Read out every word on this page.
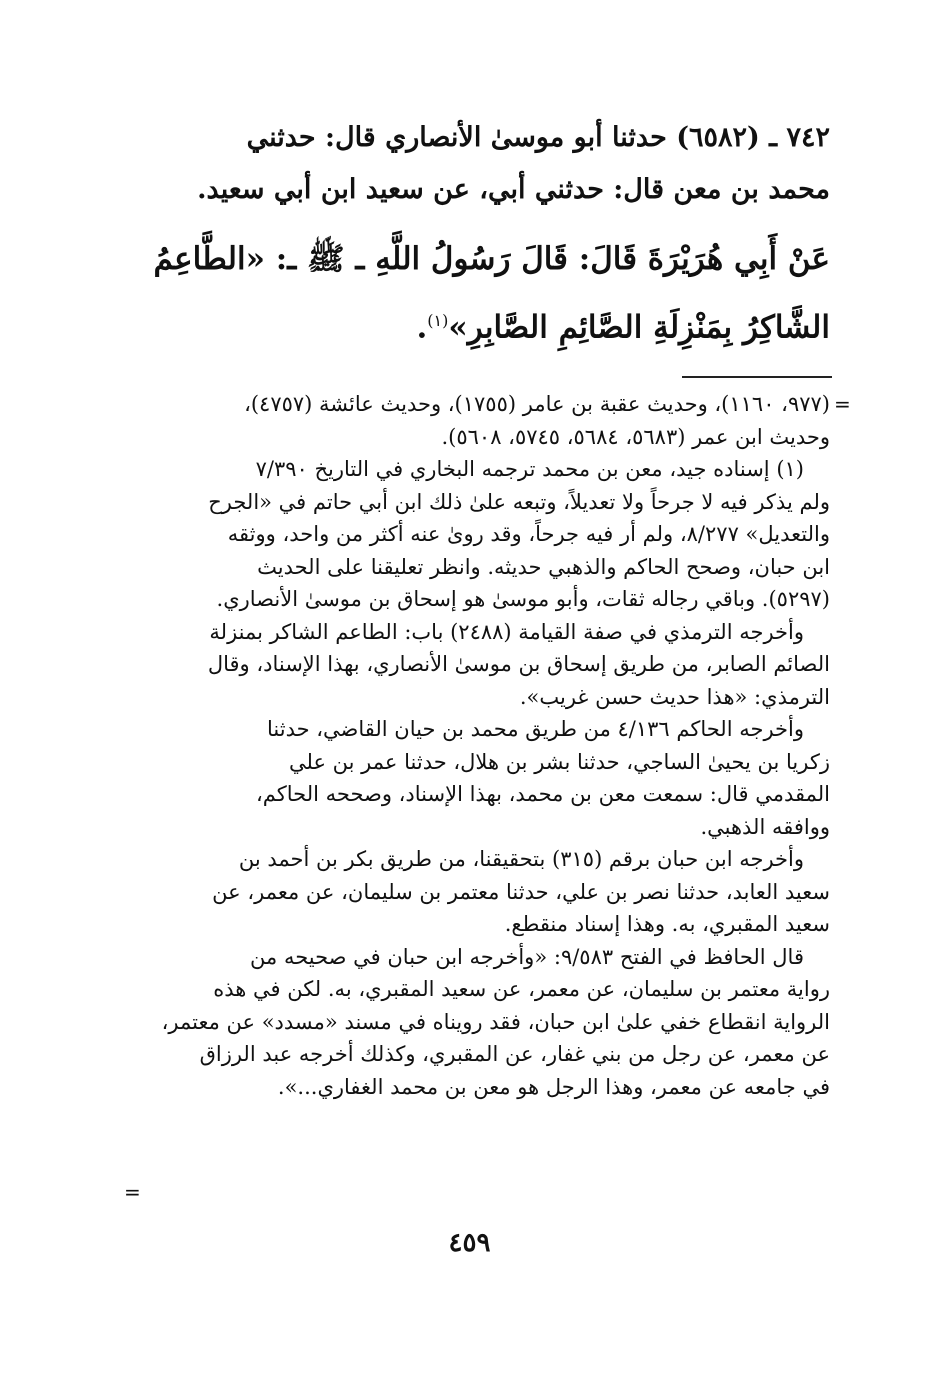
٧٤٢ ـ (٦٥٨٢) حدثنا أبو موسىٰ الأنصاري قال: حدثني

محمد بن معن قال: حدثني أبي، عن سعيد ابن أبي سعيد.

عَنْ أَبِي هُرَيْرَةَ قَالَ: قَالَ رَسُولُ اللَّهِ ـ ﷺ ـ: «الطَّاعِمُ

الشَّاكِرُ بِمَنْزِلَةِ الصَّائِمِ الصَّابِرِ»$^{(١)}$.

=

(٩٧٧، ١١٦٠)، وحديث عقبة بن عامر (١٧٥٥)، وحديث عائشة (٤٧٥٧)،

وحديث ابن عمر (٥٦٨٣، ٥٦٨٤، ٥٧٤٥، ٥٦٠٨).

(١) إسناده جيد، معن بن محمد ترجمه البخاري في التاريخ ٧/٣٩٠

ولم يذكر فيه لا جرحاً ولا تعديلاً، وتبعه علىٰ ذلك ابن أبي حاتم في «الجرح

والتعديل» ٨/٢٧٧، ولم أر فيه جرحاً، وقد روىٰ عنه أكثر من واحد، ووثقه

ابن حبان، وصحح الحاكم والذهبي حديثه. وانظر تعليقنا على الحديث

(٥٢٩٧). وباقي رجاله ثقات، وأبو موسىٰ هو إسحاق بن موسىٰ الأنصاري.

وأخرجه الترمذي في صفة القيامة (٢٤٨٨) باب: الطاعم الشاكر بمنزلة

الصائم الصابر، من طريق إسحاق بن موسىٰ الأنصاري، بهذا الإسناد، وقال

الترمذي: «هذا حديث حسن غريب».

وأخرجه الحاكم ٤/١٣٦ من طريق محمد بن حيان القاضي، حدثنا

زكريا بن يحيىٰ الساجي، حدثنا بشر بن هلال، حدثنا عمر بن علي

المقدمي قال: سمعت معن بن محمد، بهذا الإسناد، وصححه الحاكم،

ووافقه الذهبي.

وأخرجه ابن حبان برقم (٣١٥) بتحقيقنا، من طريق بكر بن أحمد بن

سعيد العابد، حدثنا نصر بن علي، حدثنا معتمر بن سليمان، عن معمر، عن

سعيد المقبري، به. وهذا إسناد منقطع.

قال الحافظ في الفتح ٩/٥٨٣: «وأخرجه ابن حبان في صحيحه من

رواية معتمر بن سليمان، عن معمر، عن سعيد المقبري، به. لكن في هذه

الرواية انقطاع خفي علىٰ ابن حبان، فقد رويناه في مسند «مسدد» عن معتمر،

عن معمر، عن رجل من بني غفار، عن المقبري، وكذلك أخرجه عبد الرزاق

في جامعه عن معمر، وهذا الرجل هو معن بن محمد الغفاري...».

=
٤٥٩
